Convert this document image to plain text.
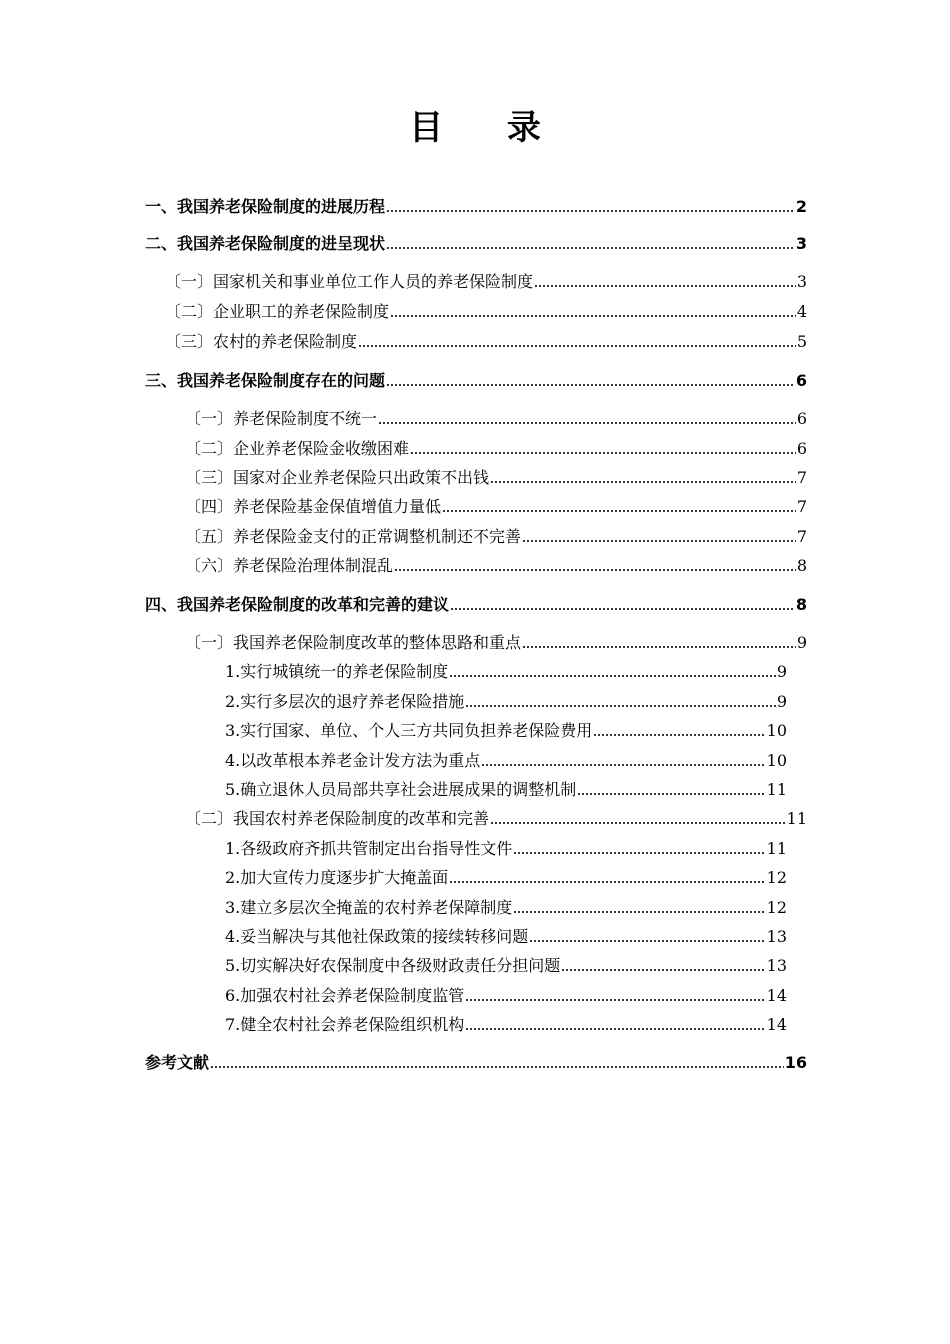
目 录
一、我国养老保险制度的进展历程	2
二、我国养老保险制度的进呈现状	3
〔一〕国家机关和事业单位工作人员的养老保险制度	3
〔二〕企业职工的养老保险制度	4
〔三〕农村的养老保险制度	5
三、我国养老保险制度存在的问题	6
〔一〕养老保险制度不统一	6
〔二〕企业养老保险金收缴困难	6
〔三〕国家对企业养老保险只出政策不出钱	7
〔四〕养老保险基金保值增值力量低	7
〔五〕养老保险金支付的正常调整机制还不完善	7
〔六〕养老保险治理体制混乱	8
四、我国养老保险制度的改革和完善的建议	8
〔一〕我国养老保险制度改革的整体思路和重点	9
1.实行城镇统一的养老保险制度	9
2.实行多层次的退疗养老保险措施	9
3.实行国家、单位、个人三方共同负担养老保险费用	10
4.以改革根本养老金计发方法为重点	10
5.确立退休人员局部共享社会进展成果的调整机制	11
〔二〕我国农村养老保险制度的改革和完善	11
1.各级政府齐抓共管制定出台指导性文件	11
2.加大宣传力度逐步扩大掩盖面	12
3.建立多层次全掩盖的农村养老保障制度	12
4.妥当解决与其他社保政策的接续转移问题	13
5.切实解决好农保制度中各级财政责任分担问题	13
6.加强农村社会养老保险制度监管	14
7.健全农村社会养老保险组织机构	14
参考文献	16
